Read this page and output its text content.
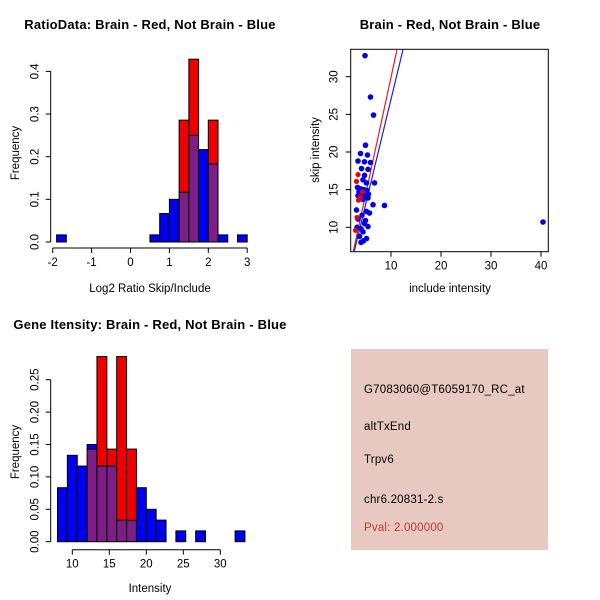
-2 -1	0	1	2	3
0.0
0.1
0.2
0.3
0.4
RatioData: Brain - Red, Not Brain - Blue
Log2 Ratio Skip/Include
Frequency
10	20	30	40
10
15
20
25
30
Brain - Red, Not Brain - Blue
include intensity
skip intensity
10 15 20 25 30
0.00
0.05
0.10
0.15
0.20
0.25
Gene Itensity: Brain - Red, Not Brain - Blue
Intensity
Frequency
G7083060@T6059170_RC_at
altTxEnd
Trpv6
chr6.20831-2.s
Pval: 2.000000
